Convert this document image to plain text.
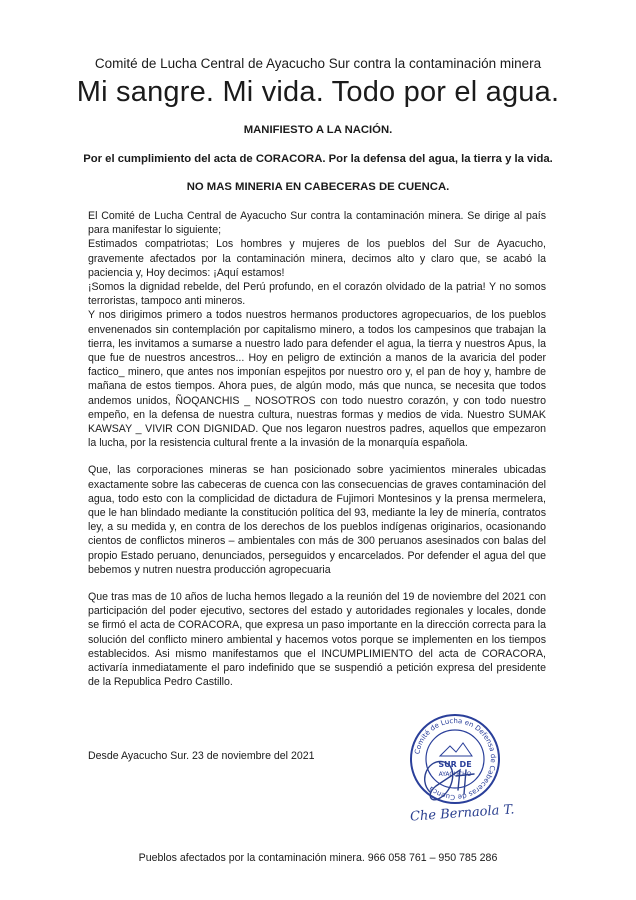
Comité de Lucha Central de Ayacucho Sur contra la contaminación minera
Mi sangre. Mi vida. Todo por el agua.
MANIFIESTO A LA NACIÓN.
Por el cumplimiento del acta de CORACORA. Por la defensa del agua, la tierra y la vida.
NO MAS MINERIA EN CABECERAS DE CUENCA.

El Comité de Lucha Central de Ayacucho Sur contra la contaminación minera. Se dirige al país para manifestar lo siguiente;

Estimados compatriotas; Los hombres y mujeres de los pueblos del Sur de Ayacucho, gravemente afectados por la contaminación minera, decimos alto y claro que, se acabó la paciencia y, Hoy decimos: ¡Aquí estamos!

¡Somos la dignidad rebelde, del Perú profundo, en el corazón olvidado de la patria! Y no somos terroristas, tampoco anti mineros.

Y nos dirigimos primero a todos nuestros hermanos productores agropecuarios, de los pueblos envenenados sin contemplación por capitalismo minero, a todos los campesinos que trabajan la tierra, les invitamos a sumarse a nuestro lado para defender el agua, la tierra y nuestros Apus, la que fue de nuestros ancestros... Hoy en peligro de extinción a manos de la avaricia del poder factico_ minero, que antes nos imponían espejitos por nuestro oro y, el pan de hoy y, hambre de mañana de estos tiempos. Ahora pues, de algún modo, más que nunca, se necesita que todos andemos unidos, ÑOQANCHIS _ NOSOTROS con todo nuestro corazón, y con todo nuestro empeño, en la defensa de nuestra cultura, nuestras formas y medios de vida. Nuestro SUMAK KAWSAY _ VIVIR CON DIGNIDAD. Que nos legaron nuestros padres, aquellos que empezaron la lucha, por la resistencia cultural frente a la invasión de la monarquía española.

Que, las corporaciones mineras se han posicionado sobre yacimientos minerales ubicadas exactamente sobre las cabeceras de cuenca con las consecuencias de graves contaminación del agua, todo esto con la complicidad de dictadura de Fujimori Montesinos y la prensa mermelera, que le han blindado mediante la constitución política del 93, mediante la ley de minería, contratos ley, a su medida y, en contra de los derechos de los pueblos indígenas originarios, ocasionando cientos de conflictos mineros – ambientales con más de 300 peruanos asesinados con balas del propio Estado peruano, denunciados, perseguidos y encarcelados. Por defender el agua del que bebemos y nutren nuestra producción agropecuaria

Que tras mas de 10 años de lucha hemos llegado a la reunión del 19 de noviembre del 2021 con participación del poder ejecutivo, sectores del estado y autoridades regionales y locales, donde se firmó el acta de CORACORA, que expresa un paso importante en la dirección correcta para la solución del conflicto minero ambiental y hacemos votos porque se implementen en los tiempos establecidos. Asi mismo manifestamos que el INCUMPLIMIENTO del acta de CORACORA, activaría inmediatamente el paro indefinido que se suspendió a petición expresa del presidente de la Republica Pedro Castillo.

Desde Ayacucho Sur. 23 de noviembre del 2021	Comité de Lucha en Defensa de Cabeceras de Cuenca
SUR DE
AYACUCHO
Che Bernaola T.
Pueblos afectados por la contaminación minera. 966 058 761 – 950 785 286
